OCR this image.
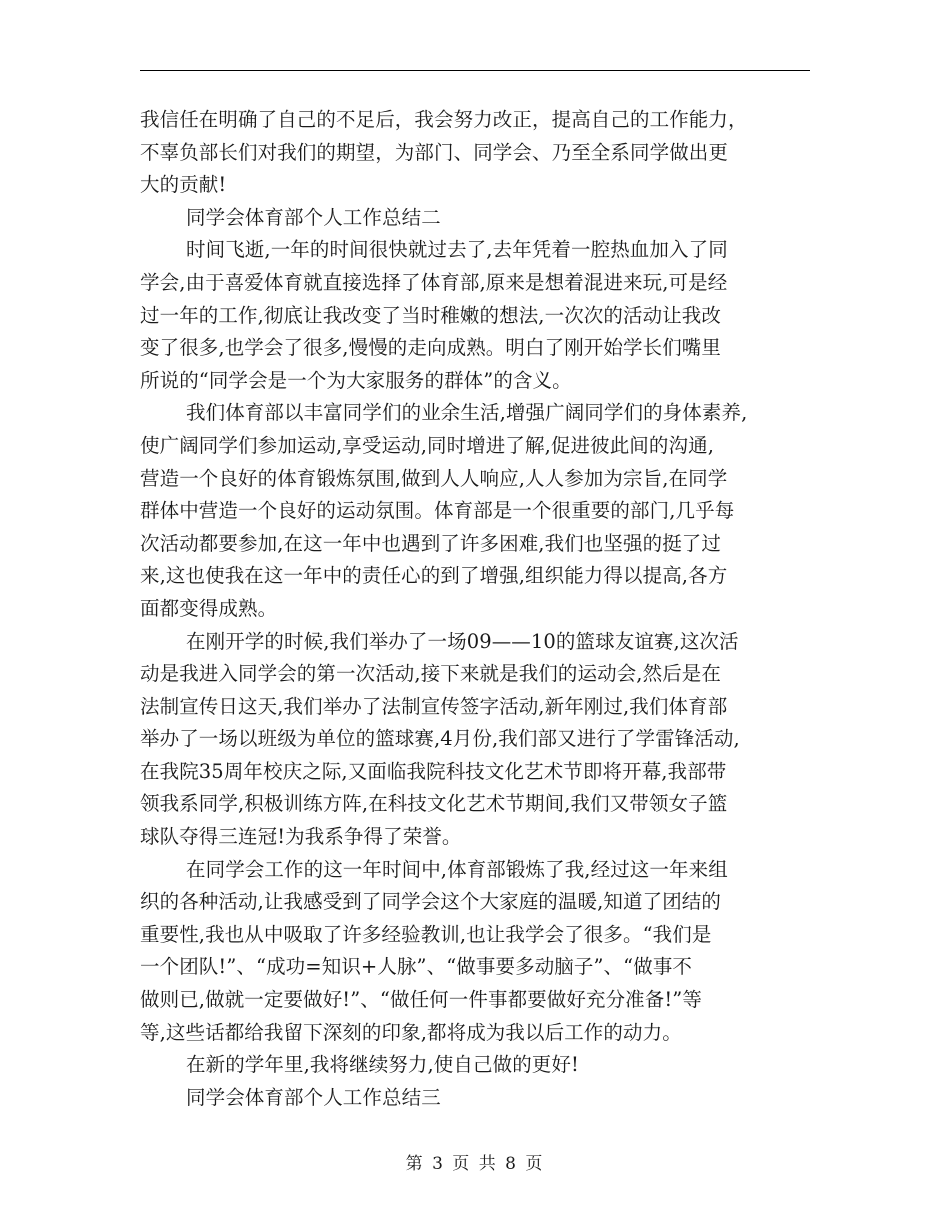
我信任在明确了自己的不足后，我会努力改正，提高自己的工作能力，
不辜负部长们对我们的期望，为部门、同学会、乃至全系同学做出更
大的贡献!
同学会体育部个人工作总结二
时间飞逝,一年的时间很快就过去了,去年凭着一腔热血加入了同
学会,由于喜爱体育就直接选择了体育部,原来是想着混进来玩,可是经
过一年的工作,彻底让我改变了当时稚嫩的想法,一次次的活动让我改
变了很多,也学会了很多,慢慢的走向成熟。明白了刚开始学长们嘴里
所说的“同学会是一个为大家服务的群体”的含义。
我们体育部以丰富同学们的业余生活,增强广阔同学们的身体素养,
使广阔同学们参加运动,享受运动,同时增进了解,促进彼此间的沟通,
营造一个良好的体育锻炼氛围,做到人人响应,人人参加为宗旨,在同学
群体中营造一个良好的运动氛围。体育部是一个很重要的部门,几乎每
次活动都要参加,在这一年中也遇到了许多困难,我们也坚强的挺了过
来,这也使我在这一年中的责任心的到了增强,组织能力得以提高,各方
面都变得成熟。
在刚开学的时候,我们举办了一场09——10的篮球友谊赛,这次活
动是我进入同学会的第一次活动,接下来就是我们的运动会,然后是在
法制宣传日这天,我们举办了法制宣传签字活动,新年刚过,我们体育部
举办了一场以班级为单位的篮球赛,4月份,我们部又进行了学雷锋活动,
在我院35周年校庆之际,又面临我院科技文化艺术节即将开幕,我部带
领我系同学,积极训练方阵,在科技文化艺术节期间,我们又带领女子篮
球队夺得三连冠!为我系争得了荣誉。
在同学会工作的这一年时间中,体育部锻炼了我,经过这一年来组
织的各种活动,让我感受到了同学会这个大家庭的温暖,知道了团结的
重要性,我也从中吸取了许多经验教训,也让我学会了很多。“我们是
一个团队!”、“成功=知识+人脉”、“做事要多动脑子”、“做事不
做则已,做就一定要做好!”、“做任何一件事都要做好充分准备!”等
等,这些话都给我留下深刻的印象,都将成为我以后工作的动力。
在新的学年里,我将继续努力,使自己做的更好!
同学会体育部个人工作总结三
第 3 页 共 8 页
